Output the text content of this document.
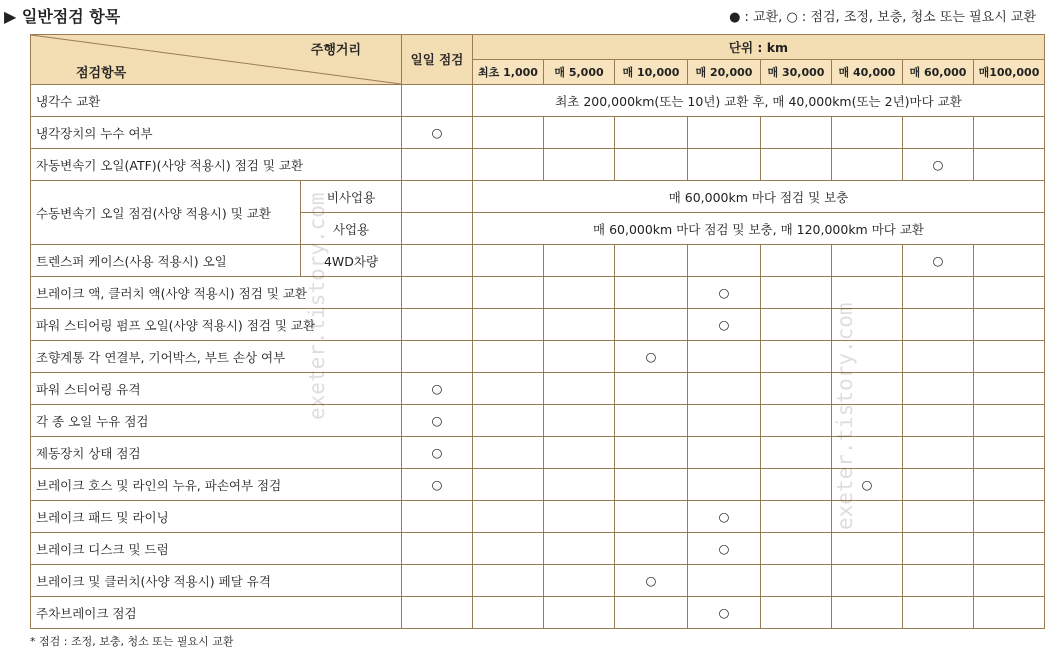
▶ 일반점검 항목	● : 교환, ○ : 점검, 조정, 보충, 청소 또는 필요시 교환
주행거리
점검항목		일일 점검	단위 : km							
			최초 1,000	매 5,000	매 10,000	매 20,000	매 30,000	매 40,000	매 60,000	매100,000
냉각수 교환			최초 200,000km(또는 10년) 교환 후, 매 40,000km(또는 2년)마다 교환							
냉각장치의 누수 여부		○								
자동변속기 오일(ATF)(사양 적용시) 점검 및 교환									○	
수동변속기 오일 점검(사양 적용시) 및 교환	비사업용		매 60,000km 마다 점검 및 보충							
	사업용		매 60,000km 마다 점검 및 보충, 매 120,000km 마다 교환							
트렌스퍼 케이스(사용 적용시) 오일	4WD차량								○	
브레이크 액, 클러치 액(사양 적용시) 점검 및 교환						○				
파워 스티어링 펌프 오일(사양 적용시) 점검 및 교환						○				
조향계통 각 연결부, 기어박스, 부트 손상 여부					○					
파워 스티어링 유격		○								
각 종 오일 누유 점검		○								
제동장치 상태 점검		○								
브레이크 호스 및 라인의 누유, 파손여부 점검		○						○		
브레이크 패드 및 라이닝						○				
브레이크 디스크 및 드럼						○				
브레이크 및 클러치(사양 적용시) 페달 유격					○					
주차브레이크 점검						○				
* 점검 : 조정, 보충, 청소 또는 필요시 교환
exeter.tistory.com	exeter.tistory.com
